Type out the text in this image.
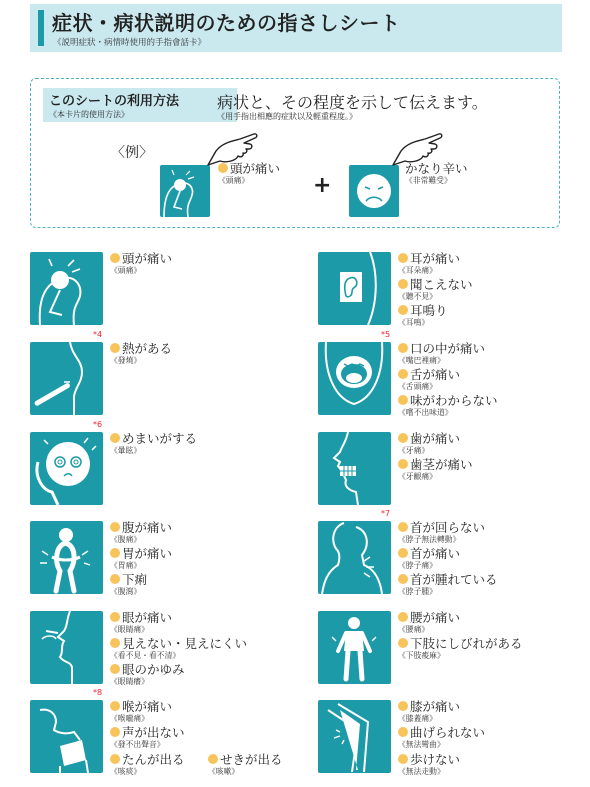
症状・病状説明のための指さしシート
《説明症狀・病情時使用的手指會話卡》
このシートの利用方法
《本卡片的使用方法》
病状と、その程度を示して伝えます。
《用手指出相應的症狀以及輕重程度。》
〈例〉
頭が痛い
《頭痛》	+
かなり辛い
《非常難受》
頭が痛い
《頭痛》
*4
熱がある
《發燒》
*6
めまいがする
《暈眩》
腹が痛い
《腹痛》
胃が痛い
《胃痛》
下痢
《腹瀉》
眼が痛い
《眼睛痛》
見えない・見えにくい
《看不見・看不清》
眼のかゆみ
《眼睛癢》
*8
喉が痛い
《喉嚨痛》
声が出ない
《發不出聲音》
たんが出る
《咳痰》
せきが出る
《咳嗽》
耳が痛い
《耳朵痛》
聞こえない
《聽不見》
耳鳴り
《耳鳴》
*5
口の中が痛い
《嘴巴裡痛》
舌が痛い
《舌頭痛》
味がわからない
《嚐不出味道》
歯が痛い
《牙痛》
歯茎が痛い
《牙齦痛》
*7
首が回らない
《脖子無法轉動》
首が痛い
《脖子痛》
首が腫れている
《脖子腫》
腰が痛い
《腰痛》
下肢にしびれがある
《下肢痠麻》
膝が痛い
《膝蓋痛》
曲げられない
《無法彎曲》
歩けない
《無法走動》
